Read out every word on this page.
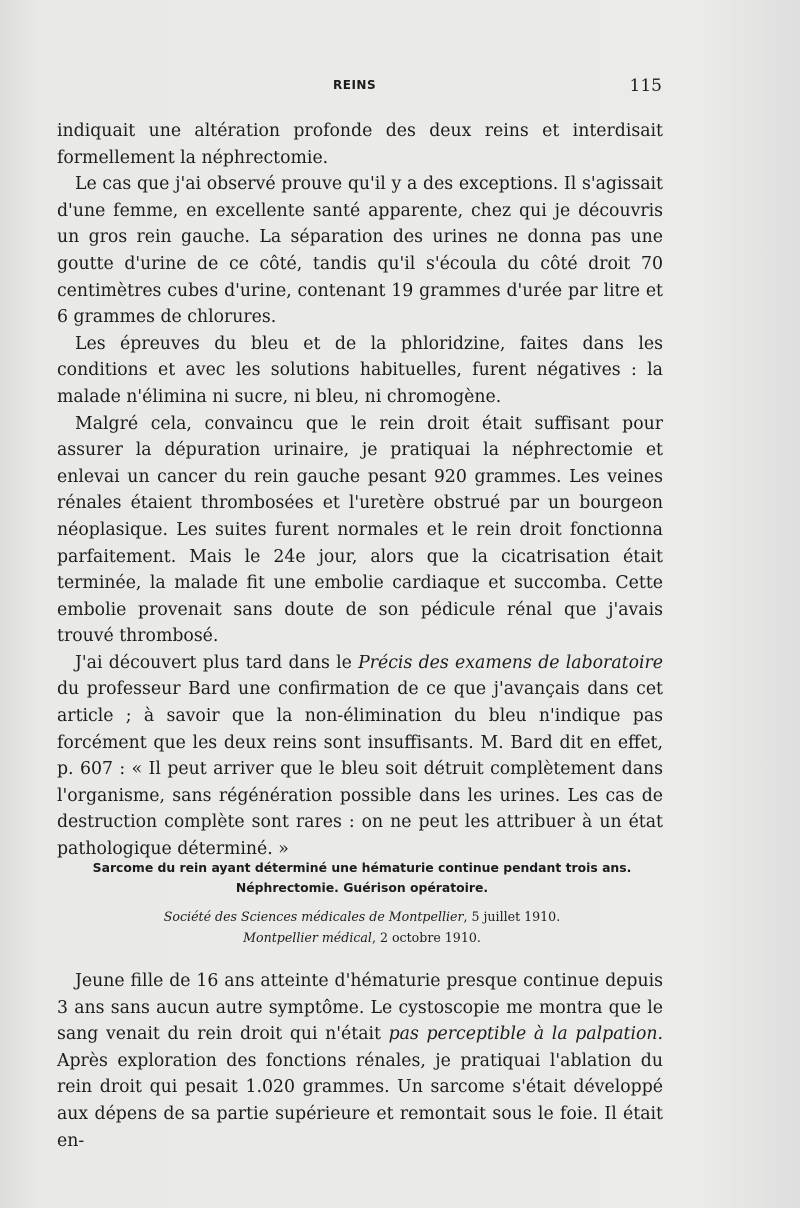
REINS	115

indiquait une altération profonde des deux reins et interdisait formellement la néphrectomie.

Le cas que j'ai observé prouve qu'il y a des exceptions. Il s'agissait d'une femme, en excellente santé apparente, chez qui je découvris un gros rein gauche. La séparation des urines ne donna pas une goutte d'urine de ce côté, tandis qu'il s'écoula du côté droit 70 centimètres cubes d'urine, contenant 19 grammes d'urée par litre et 6 grammes de chlorures.

Les épreuves du bleu et de la phloridzine, faites dans les conditions et avec les solutions habituelles, furent négatives : la malade n'élimina ni sucre, ni bleu, ni chromogène.

Malgré cela, convaincu que le rein droit était suffisant pour assurer la dépuration urinaire, je pratiquai la néphrectomie et enlevai un cancer du rein gauche pesant 920 grammes. Les veines rénales étaient thrombosées et l'uretère obstrué par un bourgeon néoplasique. Les suites furent normales et le rein droit fonctionna parfaitement. Mais le 24e jour, alors que la cicatrisation était terminée, la malade fit une embolie cardiaque et succomba. Cette embolie provenait sans doute de son pédicule rénal que j'avais trouvé thrombosé.

J'ai découvert plus tard dans le Précis des examens de laboratoire du professeur Bard une confirmation de ce que j'avançais dans cet article ; à savoir que la non-élimination du bleu n'indique pas forcément que les deux reins sont insuffisants. M. Bard dit en effet, p. 607 : « Il peut arriver que le bleu soit détruit complètement dans l'organisme, sans régénération possible dans les urines. Les cas de destruction complète sont rares : on ne peut les attribuer à un état pathologique déterminé. »

Sarcome du rein ayant déterminé une hématurie continue pendant trois ans.

Néphrectomie. Guérison opératoire.

Société des Sciences médicales de Montpellier, 5 juillet 1910.
Montpellier médical, 2 octobre 1910.

Jeune fille de 16 ans atteinte d'hématurie presque continue depuis 3 ans sans aucun autre symptôme. Le cystoscopie me montra que le sang venait du rein droit qui n'était pas perceptible à la palpation. Après exploration des fonctions rénales, je pratiquai l'ablation du rein droit qui pesait 1.020 grammes. Un sarcome s'était développé aux dépens de sa partie supérieure et remontait sous le foie. Il était en-
